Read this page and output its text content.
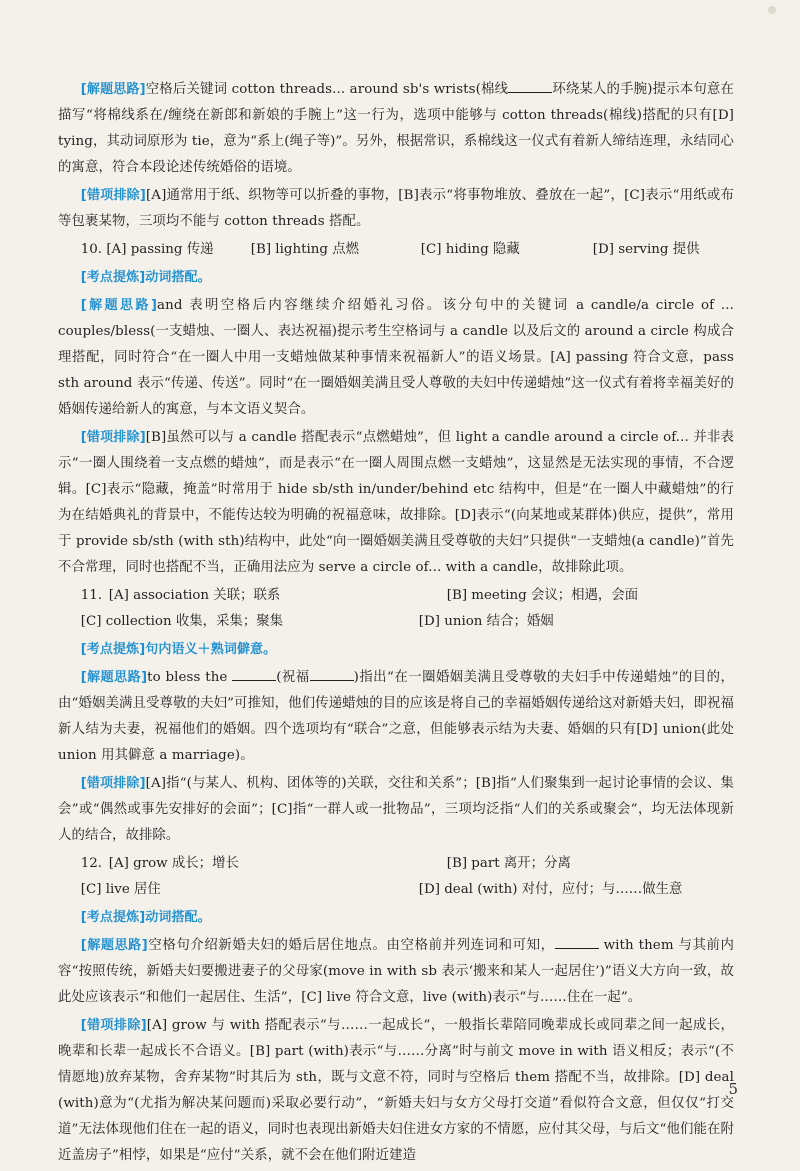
[解题思路]空格后关键词 cotton threads... around sb's wrists(棉线	环绕某人的手腕)提示本句意在描写“将棉线系在/缠绕在新郎和新娘的手腕上”这一行为，选项中能够与 cotton threads(棉线)搭配的只有[D] tying，其动词原形为 tie，意为“系上(绳子等)”。另外，根据常识，系棉线这一仪式有着新人缔结连理，永结同心的寓意，符合本段论述传统婚俗的语境。

[错项排除][A]通常用于纸、织物等可以折叠的事物，[B]表示“将事物堆放、叠放在一起”，[C]表示“用纸或布等包裹某物，三项均不能与 cotton threads 搭配。

10. [A] passing 传递	[B] lighting 点燃	[C] hiding 隐藏	[D] serving 提供

[考点提炼]动词搭配。

[解题思路]and 表明空格后内容继续介绍婚礼习俗。该分句中的关键词 a candle/a circle of ... couples/bless(一支蜡烛、一圈人、表达祝福)提示考生空格词与 a candle 以及后文的 around a circle 构成合理搭配，同时符合“在一圈人中用一支蜡烛做某种事情来祝福新人”的语义场景。[A] passing 符合文意，pass sth around 表示“传递、传送”。同时“在一圈婚姻美满且受人尊敬的夫妇中传递蜡烛”这一仪式有着将幸福美好的婚姻传递给新人的寓意，与本文语义契合。

[错项排除][B]虽然可以与 a candle 搭配表示“点燃蜡烛”，但 light a candle around a circle of... 并非表示“一圈人围绕着一支点燃的蜡烛”，而是表示“在一圈人周围点燃一支蜡烛”，这显然是无法实现的事情，不合逻辑。[C]表示“隐藏，掩盖”时常用于 hide sb/sth in/under/behind etc 结构中，但是“在一圈人中藏蜡烛”的行为在结婚典礼的背景中，不能传达较为明确的祝福意味，故排除。[D]表示“(向某地或某群体)供应，提供”，常用于 provide sb/sth (with sth)结构中，此处“向一圈婚姻美满且受尊敬的夫妇”只提供“一支蜡烛(a candle)”首先不合常理，同时也搭配不当，正确用法应为 serve a circle of... with a candle，故排除此项。

11. [A] association 关联；联系	[B] meeting 会议；相遇，会面
[C] collection 收集，采集；聚集	[D] union 结合；婚姻

[考点提炼]句内语义＋熟词僻意。

[解题思路]to bless the	(祝福	)指出“在一圈婚姻美满且受尊敬的夫妇手中传递蜡烛”的目的，由“婚姻美满且受尊敬的夫妇”可推知，他们传递蜡烛的目的应该是将自己的幸福婚姻传递给这对新婚夫妇，即祝福新人结为夫妻，祝福他们的婚姻。四个选项均有“联合”之意，但能够表示结为夫妻、婚姻的只有[D] union(此处 union 用其僻意 a marriage)。

[错项排除][A]指“(与某人、机构、团体等的)关联，交往和关系”；[B]指“人们聚集到一起讨论事情的会议、集会”或“偶然或事先安排好的会面”；[C]指“一群人或一批物品”，三项均泛指“人们的关系或聚会”，均无法体现新人的结合，故排除。

12. [A] grow 成长；增长	[B] part 离开；分离
[C] live 居住	[D] deal (with) 对付，应付；与……做生意

[考点提炼]动词搭配。

[解题思路]空格句介绍新婚夫妇的婚后居住地点。由空格前并列连词和可知，	with them 与其前内容“按照传统，新婚夫妇要搬进妻子的父母家(move in with sb 表示‘搬来和某人一起居住’)”语义大方向一致，故此处应该表示“和他们一起居住、生活”，[C] live 符合文意，live (with)表示“与……住在一起”。

[错项排除][A] grow 与 with 搭配表示“与……一起成长”，一般指长辈陪同晚辈成长或同辈之间一起成长，晚辈和长辈一起成长不合语义。[B] part (with)表示“与……分离”时与前文 move in with 语义相反；表示“(不情愿地)放弃某物，舍弃某物”时其后为 sth，既与文意不符，同时与空格后 them 搭配不当，故排除。[D] deal (with)意为“(尤指为解决某问题而)采取必要行动”，“新婚夫妇与女方父母打交道”看似符合文意，但仅仅“打交道”无法体现他们住在一起的语义，同时也表现出新婚夫妇住进女方家的不情愿，应付其父母，与后文“他们能在附近盖房子”相悖，如果是“应付”关系，就不会在他们附近建造

5
